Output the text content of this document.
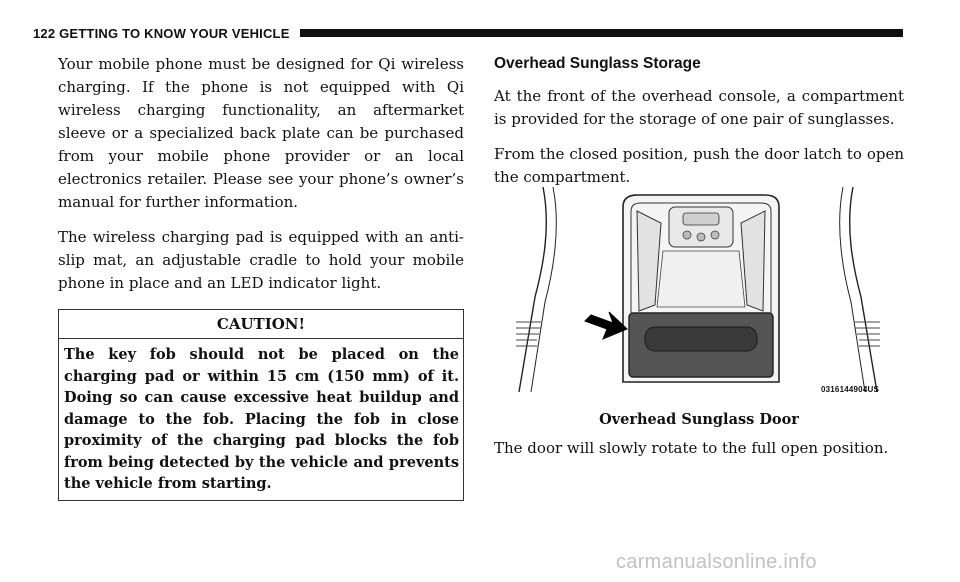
122 GETTING TO KNOW YOUR VEHICLE

Your mobile phone must be designed for Qi wireless charging. If the phone is not equipped with Qi wireless charging functionality, an aftermarket sleeve or a specialized back plate can be purchased from your mobile phone provider or an local electronics retailer. Please see your phone’s owner’s manual for further information.

The wireless charging pad is equipped with an anti-slip mat, an adjustable cradle to hold your mobile phone in place and an LED indicator light.

CAUTION!
The key fob should not be placed on the charging pad or within 15 cm (150 mm) of it. Doing so can cause excessive heat buildup and damage to the fob. Placing the fob in close proximity of the charging pad blocks the fob from being detected by the vehicle and prevents the vehicle from starting.
Overhead Sunglass Storage

At the front of the overhead console, a compartment is provided for the storage of one pair of sunglasses.

From the closed position, push the door latch to open the compartment.

0316144904US
Overhead Sunglass Door

The door will slowly rotate to the full open position.

carmanualsonline.info
